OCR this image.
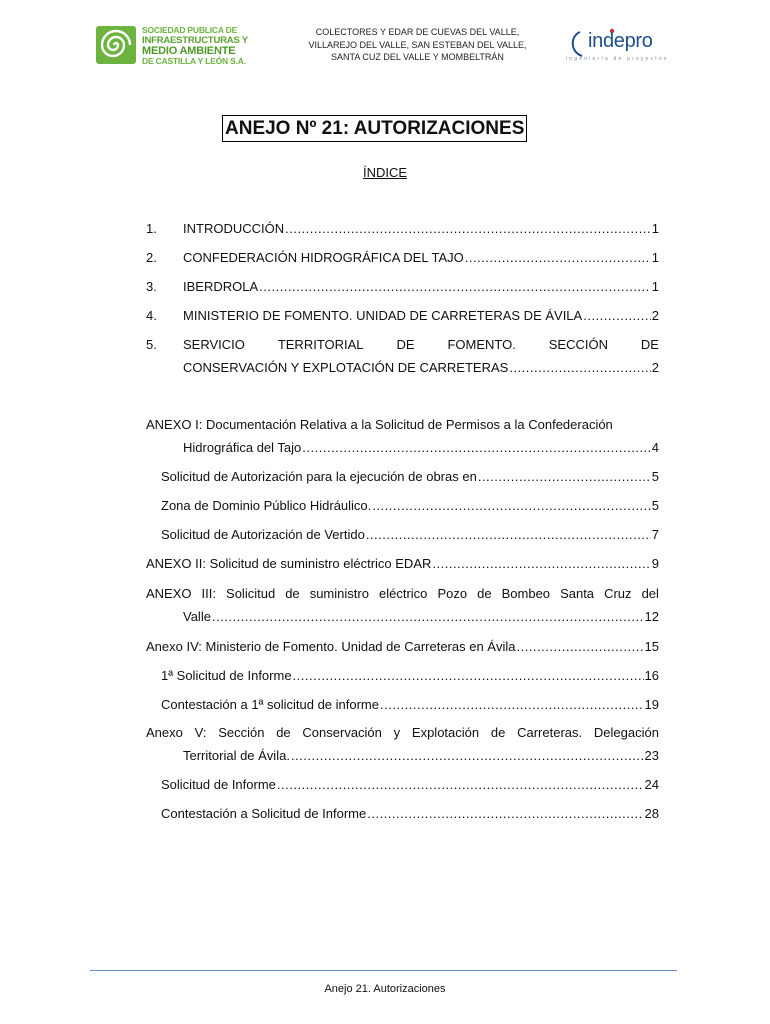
SOCIEDAD PUBLICA DE
INFRAESTRUCTURAS Y
MEDIO AMBIENTE
DE CASTILLA Y LEÓN S.A.
COLECTORES Y EDAR DE CUEVAS DEL VALLE,
VILLAREJO DEL VALLE, SAN ESTEBAN DEL VALLE,
SANTA CUZ DEL VALLE Y MOMBELTRÁN
indepro
ingeniería de proyectos
ANEJO Nº 21: AUTORIZACIONES
ÍNDICE
1. INTRODUCCIÓN .....	1
2. CONFEDERACIÓN HIDROGRÁFICA DEL TAJO .....	1
3. IBERDROLA .....	1
4. MINISTERIO DE FOMENTO. UNIDAD DE CARRETERAS DE ÁVILA .....	2
5. SERVICIO	TERRITORIAL	DE	FOMENTO.	SECCIÓN	DE
CONSERVACIÓN Y EXPLOTACIÓN DE CARRETERAS .....	2
ANEXO I: Documentación Relativa a la Solicitud de Permisos a la Confederación
Hidrográfica del Tajo .....	4
Solicitud de Autorización para la ejecución de obras en .....	5
Zona de Dominio Público Hidráulico. .....	5
Solicitud de Autorización de Vertido .....	7
ANEXO II: Solicitud de suministro eléctrico EDAR .....	9
ANEXO III: Solicitud de suministro eléctrico Pozo de Bombeo Santa Cruz del
Valle .....	12
Anexo IV: Ministerio de Fomento. Unidad de Carreteras en Ávila .....	15
1ª Solicitud de Informe .....	16
Contestación a 1ª solicitud de informe .....	19
Anexo V: Sección de Conservación y Explotación de Carreteras. Delegación
Territorial de Ávila. .....	23
Solicitud de Informe .....	24
Contestación a Solicitud de Informe .....	28
Anejo 21. Autorizaciones
